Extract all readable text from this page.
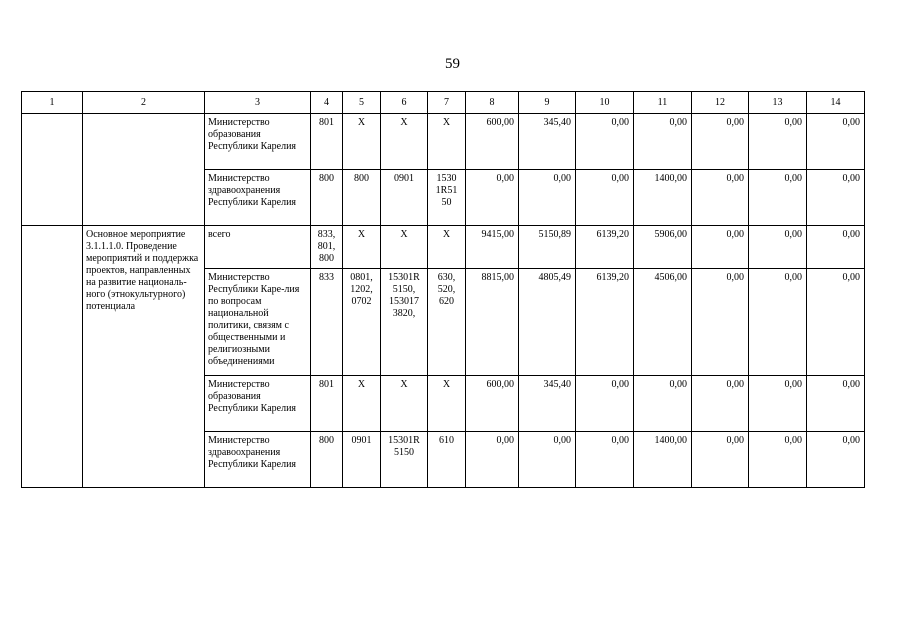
59
1	2	3	4	5	6	7	8	9	10	11	12	13	14
		Министерство образования Республики Карелия	801	Х	Х	Х	600,00	345,40	0,00	0,00	0,00	0,00	0,00
		Министерство здравоохранения Республики Карелия	800	800	0901	1530 1R51 50	0,00	0,00	0,00	1400,00	0,00	0,00	0,00
	Основное мероприятие 3.1.1.1.0. Проведение мероприятий и поддержка проектов, направленных на развитие националь-ного (этнокультурного) потенциала	всего	833, 801, 800	Х	Х	Х	9415,00	5150,89	6139,20	5906,00	0,00	0,00	0,00
		Министерство Республики Каре-лия по вопросам национальной политики, связям с общественными и религиозными объединениями	833	0801, 1202, 0702	15301R 5150, 153017 3820,	630, 520, 620	8815,00	4805,49	6139,20	4506,00	0,00	0,00	0,00
		Министерство образования Республики Карелия	801	Х	Х	Х	600,00	345,40	0,00	0,00	0,00	0,00	0,00
		Министерство здравоохранения Республики Карелия	800	0901	15301R 5150	610	0,00	0,00	0,00	1400,00	0,00	0,00	0,00
